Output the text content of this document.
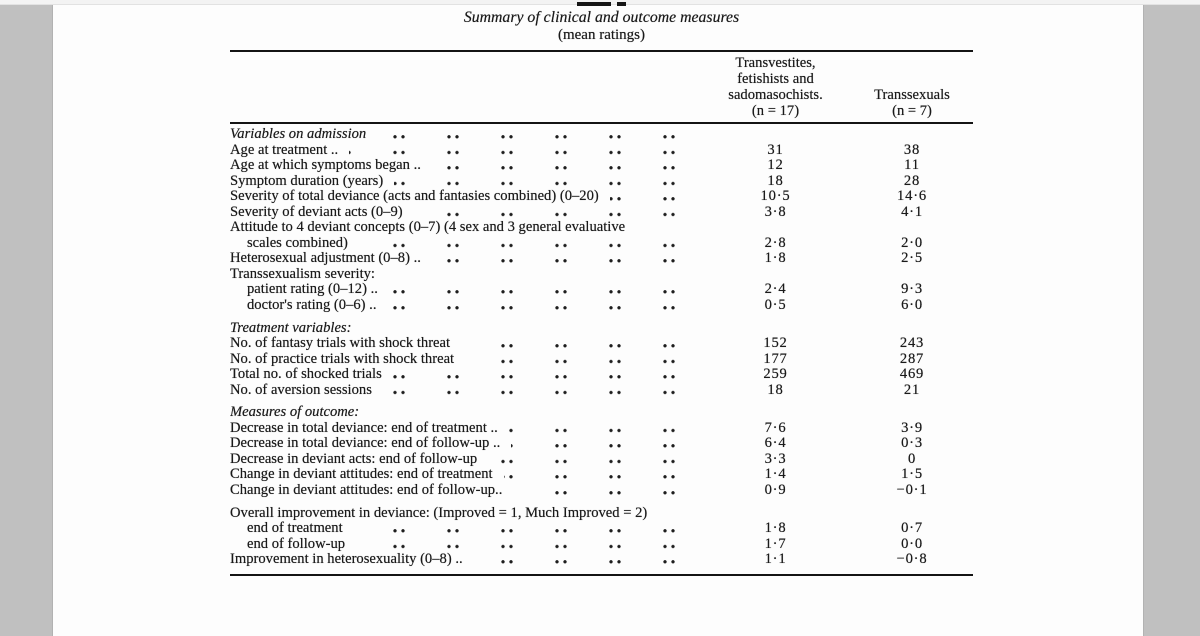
Summary of clinical and outcome measures
(mean ratings)
Transvestites,
fetishists and
sadomasochists.
(n = 17)
Transsexuals
(n = 7)
Variables on admission
Age at treatment ..	31	38
Age at which symptoms began ..	12	11
Symptom duration (years)	18	28
Severity of total deviance (acts and fantasies combined) (0–20)	10·5	14·6
Severity of deviant acts (0–9)	3·8	4·1
Attitude to 4 deviant concepts (0–7) (4 sex and 3 general evaluative
scales combined)	2·8	2·0
Heterosexual adjustment (0–8) ..	1·8	2·5
Transsexualism severity:
patient rating (0–12) ..	2·4	9·3
doctor's rating (0–6) ..	0·5	6·0
Treatment variables:
No. of fantasy trials with shock threat	152	243
No. of practice trials with shock threat	177	287
Total no. of shocked trials	259	469
No. of aversion sessions	18	21
Measures of outcome:
Decrease in total deviance: end of treatment ..	7·6	3·9
Decrease in total deviance: end of follow-up ..	6·4	0·3
Decrease in deviant acts: end of follow-up	3·3	0
Change in deviant attitudes: end of treatment	1·4	1·5
Change in deviant attitudes: end of follow-up..	0·9	−0·1
Overall improvement in deviance: (Improved = 1, Much Improved = 2)
end of treatment	1·8	0·7
end of follow-up	1·7	0·0
Improvement in heterosexuality (0–8) ..	1·1	−0·8
